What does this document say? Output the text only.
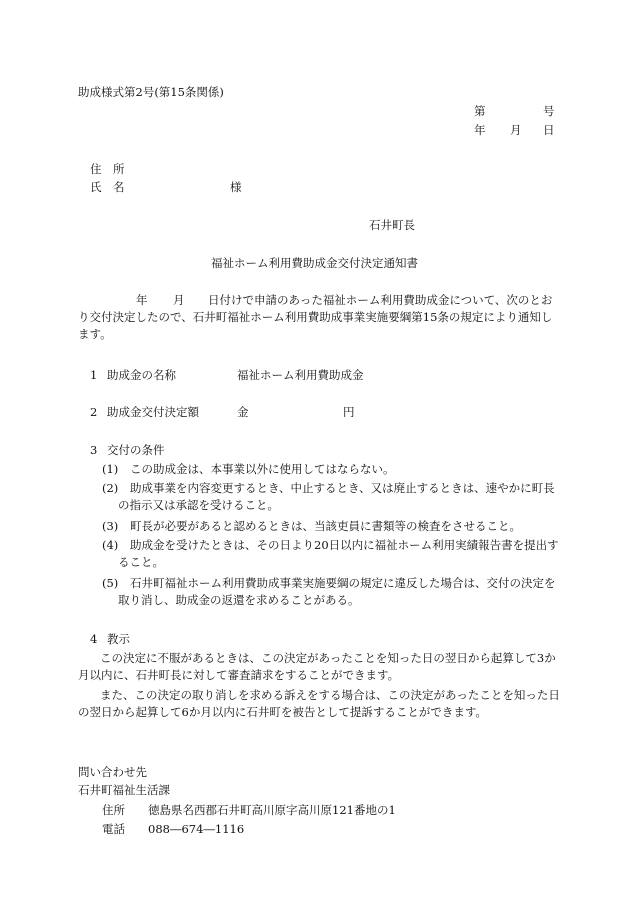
助成様式第2号(第15条関係)
第	号
年 月 日
住　所
氏　名	様
石井町長
福祉ホーム利用費助成金交付決定通知書
年 月	日付けで申請のあった福祉ホーム利用費助成金について、次のとおり交付決定したので、石井町福祉ホーム利用費助成事業実施要綱第15条の規定により通知します。
1 助成金の名称	福祉ホーム利用費助成金
2 助成金交付決定額	金	円
3 交付の条件
(1) この助成金は、本事業以外に使用してはならない。
(2)	助成事業を内容変更するとき、中止するとき、又は廃止するときは、速やかに町長の指示又は承認を受けること。
(3) 町長が必要があると認めるときは、当該吏員に書類等の検査をさせること。
(4)	助成金を受けたときは、その日より20日以内に福祉ホーム利用実績報告書を提出すること。
(5)	石井町福祉ホーム利用費助成事業実施要綱の規定に違反した場合は、交付の決定を取り消し、助成金の返還を求めることがある。
4 教示
この決定に不服があるときは、この決定があったことを知った日の翌日から起算して3か月以内に、石井町長に対して審査請求をすることができます。
また、この決定の取り消しを求める訴えをする場合は、この決定があったことを知った日の翌日から起算して6か月以内に石井町を被告として提訴することができます。
問い合わせ先
石井町福祉生活課
住所 徳島県名西郡石井町高川原字高川原121番地の1
電話 088―674―1116
